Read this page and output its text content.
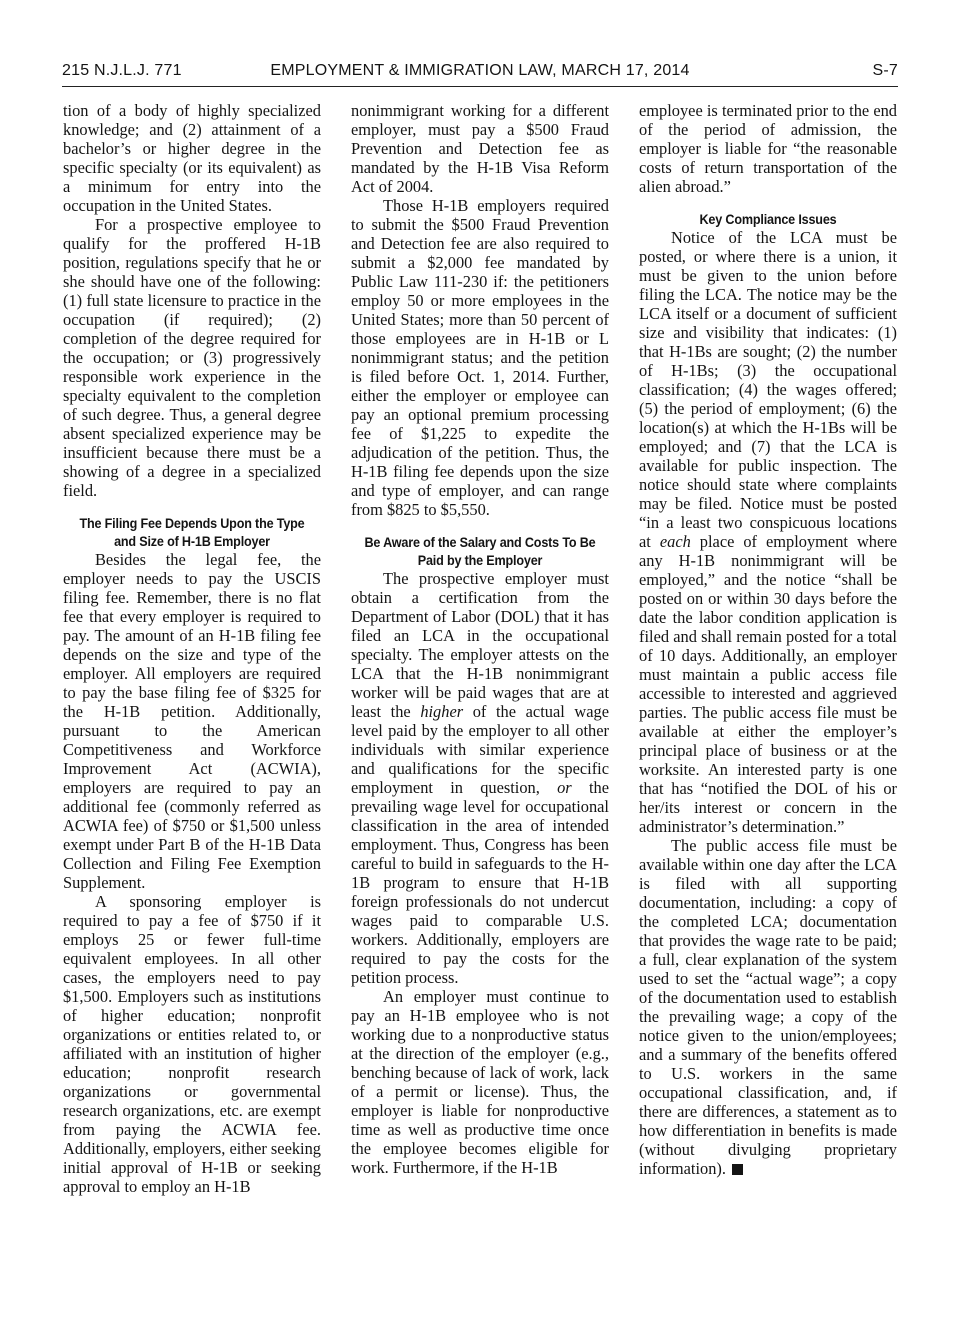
215 N.J.L.J. 771	EMPLOYMENT & IMMIGRATION LAW, MARCH 17, 2014	S-7

tion of a body of highly specialized knowledge; and (2) attainment of a bachelor’s or higher degree in the specific specialty (or its equivalent) as a minimum for entry into the occupation in the United States.

For a prospective employee to qualify for the proffered H-1B position, regulations specify that he or she should have one of the following: (1) full state licensure to practice in the occupation (if required); (2) completion of the degree required for the occupation; or (3) progressively responsible work experience in the specialty equivalent to the completion of such degree. Thus, a general degree absent specialized experience may be insufficient because there must be a showing of a degree in a specialized field.

The Filing Fee Depends Upon the Type and Size of H-1B Employer

Besides the legal fee, the employer needs to pay the USCIS filing fee. Remember, there is no flat fee that every employer is required to pay. The amount of an H-1B filing fee depends on the size and type of the employer. All employers are required to pay the base filing fee of $325 for the H-1B petition. Additionally, pursuant to the American Competitiveness and Workforce Improvement Act (ACWIA), employers are required to pay an additional fee (commonly referred as ACWIA fee) of $750 or $1,500 unless exempt under Part B of the H-1B Data Collection and Filing Fee Exemption Supplement.

A sponsoring employer is required to pay a fee of $750 if it employs 25 or fewer full-time equivalent employees. In all other cases, the employers need to pay $1,500. Employers such as institutions of higher education; nonprofit organizations or entities related to, or affiliated with an institution of higher education; nonprofit research organizations or governmental research organizations, etc. are exempt from paying the ACWIA fee. Additionally, employers, either seeking initial approval of H-1B or seeking approval to employ an H-1B

nonimmigrant working for a different employer, must pay a $500 Fraud Prevention and Detection fee as mandated by the H-1B Visa Reform Act of 2004.

Those H-1B employers required to submit the $500 Fraud Prevention and Detection fee are also required to submit a $2,000 fee mandated by Public Law 111-230 if: the petitioners employ 50 or more employees in the United States; more than 50 percent of those employees are in H-1B or L nonimmigrant status; and the petition is filed before Oct. 1, 2014. Further, either the employer or employee can pay an optional premium processing fee of $1,225 to expedite the adjudication of the petition. Thus, the H-1B filing fee depends upon the size and type of employer, and can range from $825 to $5,550.

Be Aware of the Salary and Costs To Be Paid by the Employer

The prospective employer must obtain a certification from the Department of Labor (DOL) that it has filed an LCA in the occupational specialty. The employer attests on the LCA that the H-1B nonimmigrant worker will be paid wages that are at least the higher of the actual wage level paid by the employer to all other individuals with similar experience and qualifications for the specific employment in question, or the prevailing wage level for occupational classification in the area of intended employment. Thus, Congress has been careful to build in safeguards to the H-1B program to ensure that H-1B foreign professionals do not undercut wages paid to comparable U.S. workers. Additionally, employers are required to pay the costs for the petition process.

An employer must continue to pay an H-1B employee who is not working due to a nonproductive status at the direction of the employer (e.g., benching because of lack of work, lack of a permit or license). Thus, the employer is liable for nonproductive time as well as productive time once the employee becomes eligible for work. Furthermore, if the H-1B

employee is terminated prior to the end of the period of admission, the employer is liable for “the reasonable costs of return transportation of the alien abroad.”

Key Compliance Issues

Notice of the LCA must be posted, or where there is a union, it must be given to the union before filing the LCA. The notice may be the LCA itself or a document of sufficient size and visibility that indicates: (1) that H-1Bs are sought; (2) the number of H-1Bs; (3) the occupational classification; (4) the wages offered; (5) the period of employment; (6) the location(s) at which the H-1Bs will be employed; and (7) that the LCA is available for public inspection. The notice should state where complaints may be filed. Notice must be posted “in a least two conspicuous locations at each place of employment where any H-1B nonimmigrant will be employed,” and the notice “shall be posted on or within 30 days before the date the labor condition application is filed and shall remain posted for a total of 10 days. Additionally, an employer must maintain a public access file accessible to interested and aggrieved parties. The public access file must be available at either the employer’s principal place of business or at the worksite. An interested party is one that has “notified the DOL of his or her/its interest or concern in the administrator’s determination.”

The public access file must be available within one day after the LCA is filed with all supporting documentation, including: a copy of the completed LCA; documentation that provides the wage rate to be paid; a full, clear explanation of the system used to set the “actual wage”; a copy of the documentation used to establish the prevailing wage; a copy of the notice given to the union/employees; and a summary of the benefits offered to U.S. workers in the same occupational classification, and, if there are differences, a statement as to how differentiation in benefits is made (without divulging proprietary information).
